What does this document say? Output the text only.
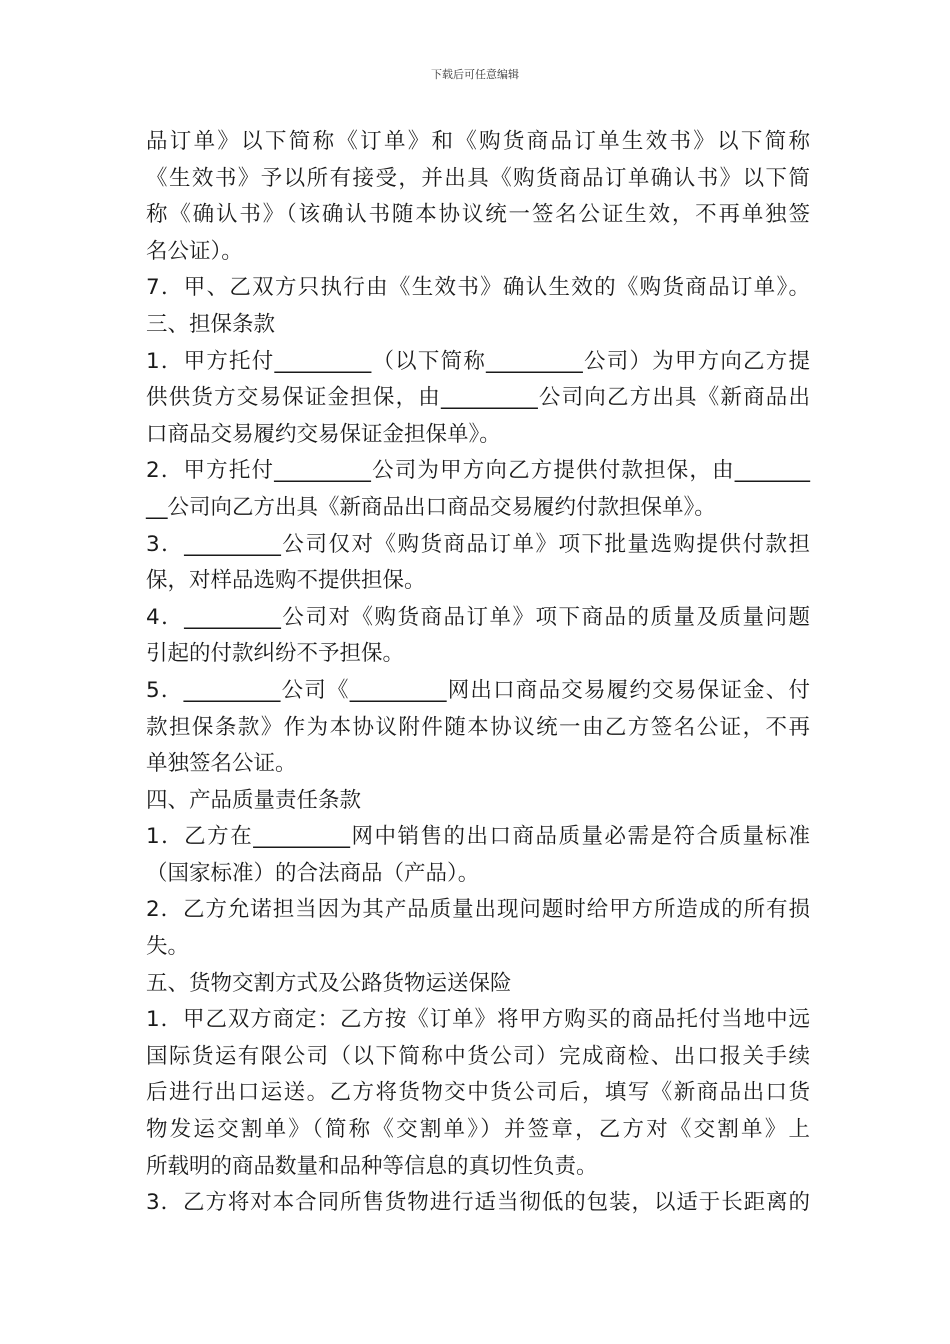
下载后可任意编辑
品订单》以下简称《订单》和《购货商品订单生效书》以下简称
《生效书》予以所有接受，并出具《购货商品订单确认书》以下简
称《确认书》（该确认书随本协议统一签名公证生效，不再单独签
名公证）。
7．甲、乙双方只执行由《生效书》确认生效的《购货商品订单》。
三、担保条款
1．甲方托付_________（以下简称_________公司）为甲方向乙方提
供供货方交易保证金担保，由_________公司向乙方出具《新商品出
口商品交易履约交易保证金担保单》。
2．甲方托付_________公司为甲方向乙方提供付款担保，由_______
__公司向乙方出具《新商品出口商品交易履约付款担保单》。
3．_________公司仅对《购货商品订单》项下批量选购提供付款担
保，对样品选购不提供担保。
4．_________公司对《购货商品订单》项下商品的质量及质量问题
引起的付款纠纷不予担保。
5．_________公司《_________网出口商品交易履约交易保证金、付
款担保条款》作为本协议附件随本协议统一由乙方签名公证，不再
单独签名公证。
四、产品质量责任条款
1．乙方在_________网中销售的出口商品质量必需是符合质量标准
（国家标准）的合法商品（产品）。
2．乙方允诺担当因为其产品质量出现问题时给甲方所造成的所有损
失。
五、货物交割方式及公路货物运送保险
1．甲乙双方商定：乙方按《订单》将甲方购买的商品托付当地中远
国际货运有限公司（以下简称中货公司）完成商检、出口报关手续
后进行出口运送。乙方将货物交中货公司后，填写《新商品出口货
物发运交割单》（简称《交割单》）并签章，乙方对《交割单》上
所载明的商品数量和品种等信息的真切性负责。
3．乙方将对本合同所售货物进行适当彻低的包装，以适于长距离的
